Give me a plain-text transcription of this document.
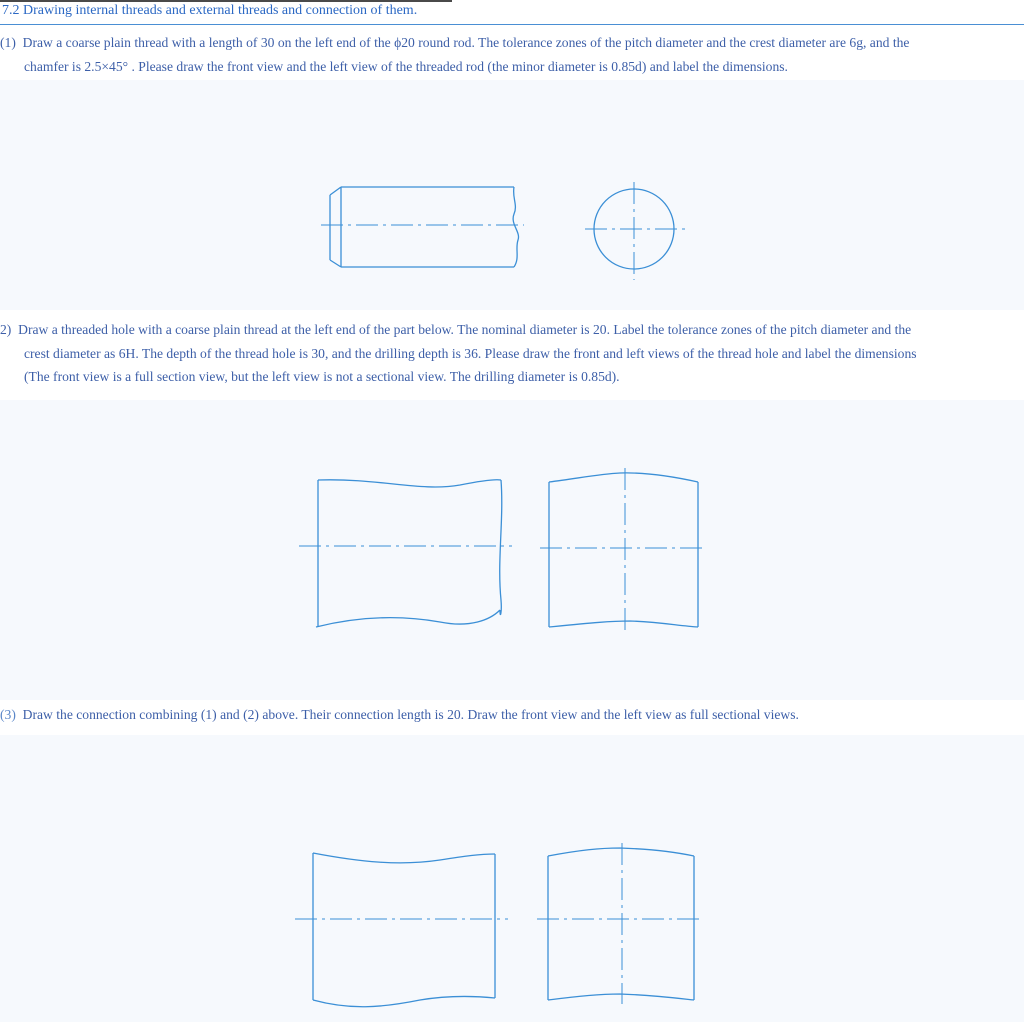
7.2 Drawing internal threads and external threads and connection of them.
(1) Draw a coarse plain thread with a length of 30 on the left end of the ϕ20 round rod. The tolerance zones of the pitch diameter and the crest diameter are 6g, and the
chamfer is 2.5×45° . Please draw the front view and the left view of the threaded rod (the minor diameter is 0.85d) and label the dimensions.
2) Draw a threaded hole with a coarse plain thread at the left end of the part below. The nominal diameter is 20. Label the tolerance zones of the pitch diameter and the
crest diameter as 6H. The depth of the thread hole is 30, and the drilling depth is 36. Please draw the front and left views of the thread hole and label the dimensions
(The front view is a full section view, but the left view is not a sectional view. The drilling diameter is 0.85d).
(3) Draw the connection combining (1) and (2) above. Their connection length is 20. Draw the front view and the left view as full sectional views.
